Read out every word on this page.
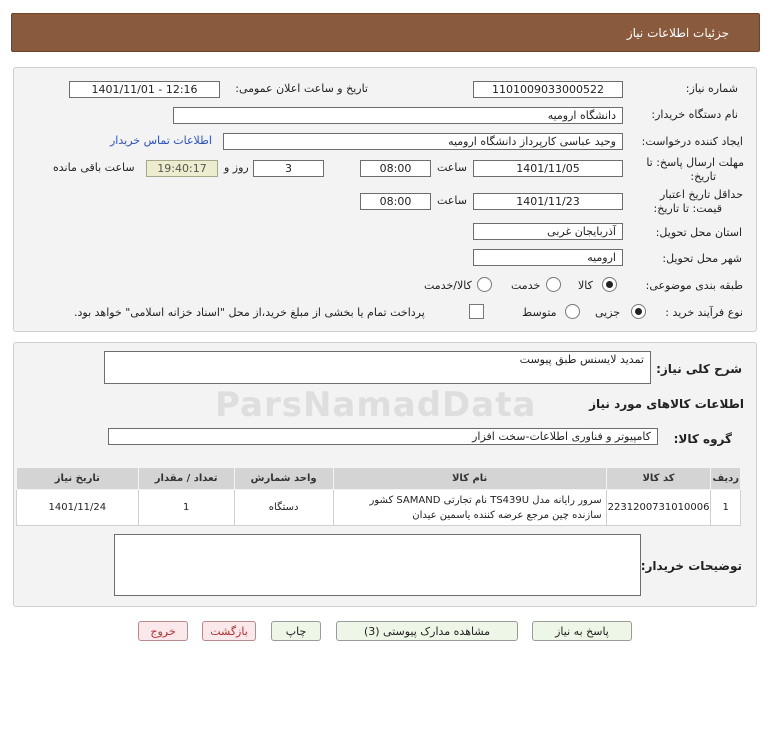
جزئیات اطلاعات نیاز
شماره نیاز:
1101009033000522
تاریخ و ساعت اعلان عمومی:
1401/11/01 - 12:16
نام دستگاه خریدار:
دانشگاه ارومیه
ایجاد کننده درخواست:
وحید عباسی کارپرداز دانشگاه ارومیه
اطلاعات تماس خریدار
مهلت ارسال پاسخ: تا
تاریخ:
1401/11/05
ساعت
08:00
3
روز و
19:40:17
ساعت باقی مانده
حداقل تاریخ اعتبار
قیمت: تا تاریخ:
1401/11/23
ساعت
08:00
استان محل تحویل:
آذربایجان غربی
شهر محل تحویل:
ارومیه
طبقه بندی موضوعی:
کالا
خدمت
کالا/خدمت
نوع فرآیند خرید :
جزیی
متوسط
پرداخت تمام یا بخشی از مبلغ خرید،از محل "اسناد خزانه اسلامی" خواهد بود.
شرح کلی نیاز:
تمدید لایسنس طبق پیوست
اطلاعات کالاهای مورد نیاز
گروه کالا:
کامپیوتر و فناوری اطلاعات-سخت افزار
ردیف	کد کالا	نام کالا	واحد شمارش	تعداد / مقدار	تاریخ نیاز
1	2231200731010006	سرور رایانه مدل TS439U نام تجارتی SAMAND کشور سازنده چین مرجع عرضه کننده یاسمین عیدان	دستگاه	1	1401/11/24
توضیحات خریدار:
ParsNamadData
پاسخ به نیاز
مشاهده مدارک پیوستی (3)
چاپ
بازگشت
خروج
